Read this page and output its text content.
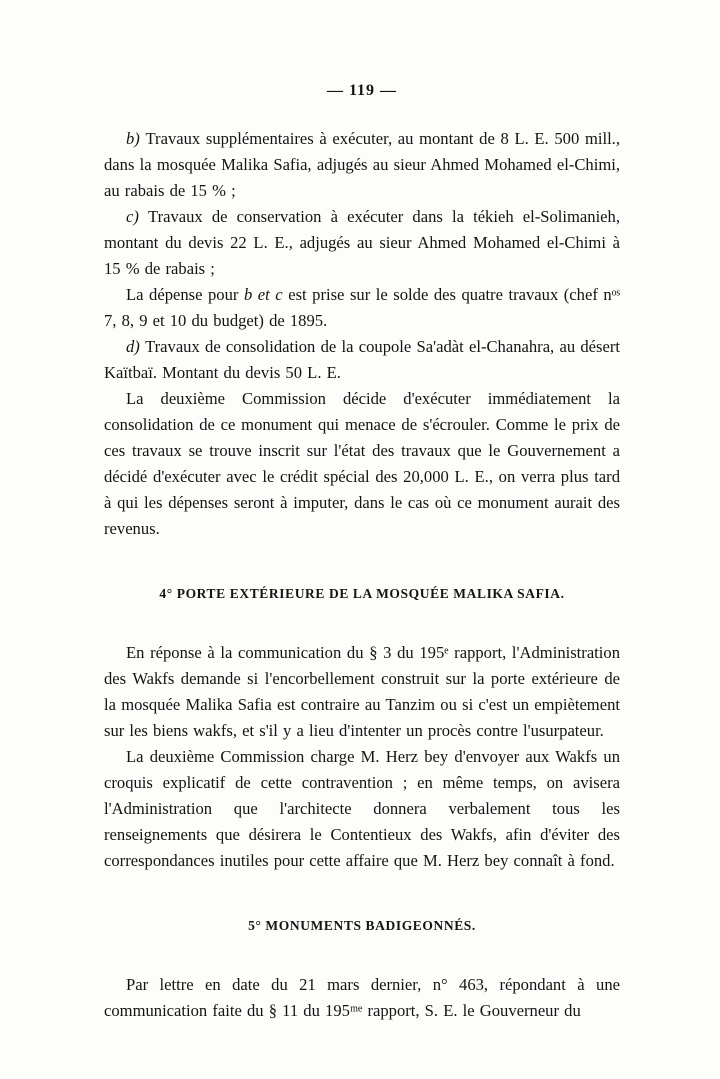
— 119 —

b) Travaux supplémentaires à exécuter, au montant de 8 L. E. 500 mill., dans la mosquée Malika Safia, adjugés au sieur Ahmed Mohamed el-Chimi, au rabais de 15 % ;

c) Travaux de conservation à exécuter dans la tékieh el-Solimanieh, montant du devis 22 L. E., adjugés au sieur Ahmed Mohamed el-Chimi à 15 % de rabais ;

La dépense pour b et c est prise sur le solde des quatre travaux (chef nᵒˢ 7, 8, 9 et 10 du budget) de 1895.

d) Travaux de consolidation de la coupole Sa'adàt el-Chanahra, au désert Kaïtbaï. Montant du devis 50 L. E.

La deuxième Commission décide d'exécuter immédiatement la consolidation de ce monument qui menace de s'écrouler. Comme le prix de ces travaux se trouve inscrit sur l'état des travaux que le Gouvernement a décidé d'exécuter avec le crédit spécial des 20,000 L. E., on verra plus tard à qui les dépenses seront à imputer, dans le cas où ce monument aurait des revenus.

4° PORTE EXTÉRIEURE DE LA MOSQUÉE MALIKA SAFIA.

En réponse à la communication du § 3 du 195ᵉ rapport, l'Administration des Wakfs demande si l'encorbellement construit sur la porte extérieure de la mosquée Malika Safia est contraire au Tanzim ou si c'est un empiètement sur les biens wakfs, et s'il y a lieu d'intenter un procès contre l'usurpateur.

La deuxième Commission charge M. Herz bey d'envoyer aux Wakfs un croquis explicatif de cette contravention ; en même temps, on avisera l'Administration que l'architecte donnera verbalement tous les renseignements que désirera le Contentieux des Wakfs, afin d'éviter des correspondances inutiles pour cette affaire que M. Herz bey connaît à fond.

5° MONUMENTS BADIGEONNÉS.

Par lettre en date du 21 mars dernier, n° 463, répondant à une communication faite du § 11 du 195ᵐᵉ rapport, S. E. le Gouverneur du
